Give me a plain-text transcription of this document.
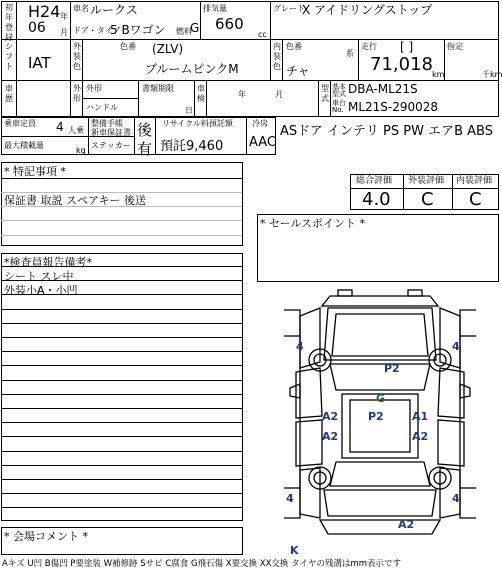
初年登録
H24 年
06 月
車名 ルークス
ドア・タイプ
5 Bワゴン 燃料
G
排気量
660
cc
グレード
X アイドリングストップ
シフト IAT
外装色
色番 (ZLV)
ブルームピンクM
内装色
色番
系
チャ
走行 [ ]
71,018 km
指定
千km
車歴
外形
外形
ハンドル
書類期限
日
車検	年	月
型式
基本型式 DBA-ML21S
車台No. ML21S-290028
乗車定員 4 人乗
最大積載量
kg
整備手帳
新車保証書
ステッカー
後
有
リサイクル料預託額
預託9,460
冷房
AAC
ASドア インテリ PS PW エアB ABS
総合評価 外装評価 内装評価
4.0 C C
* 特記事項 *
保証書 取説 スペアキー 後送
* セールスポイント *
*検査員報告備考*
シート スレ中
外装小A・小凹
* 会場コメント *
P2
G
A2	P2	A1
A2	A2
4	4
4	4
A2
K
Aキズ U凹 B傷凹 P要塗装 W補修跡 Sサビ C腐食 G飛石傷 X要交換 XX交換 タイヤの残溝はmm表示です
